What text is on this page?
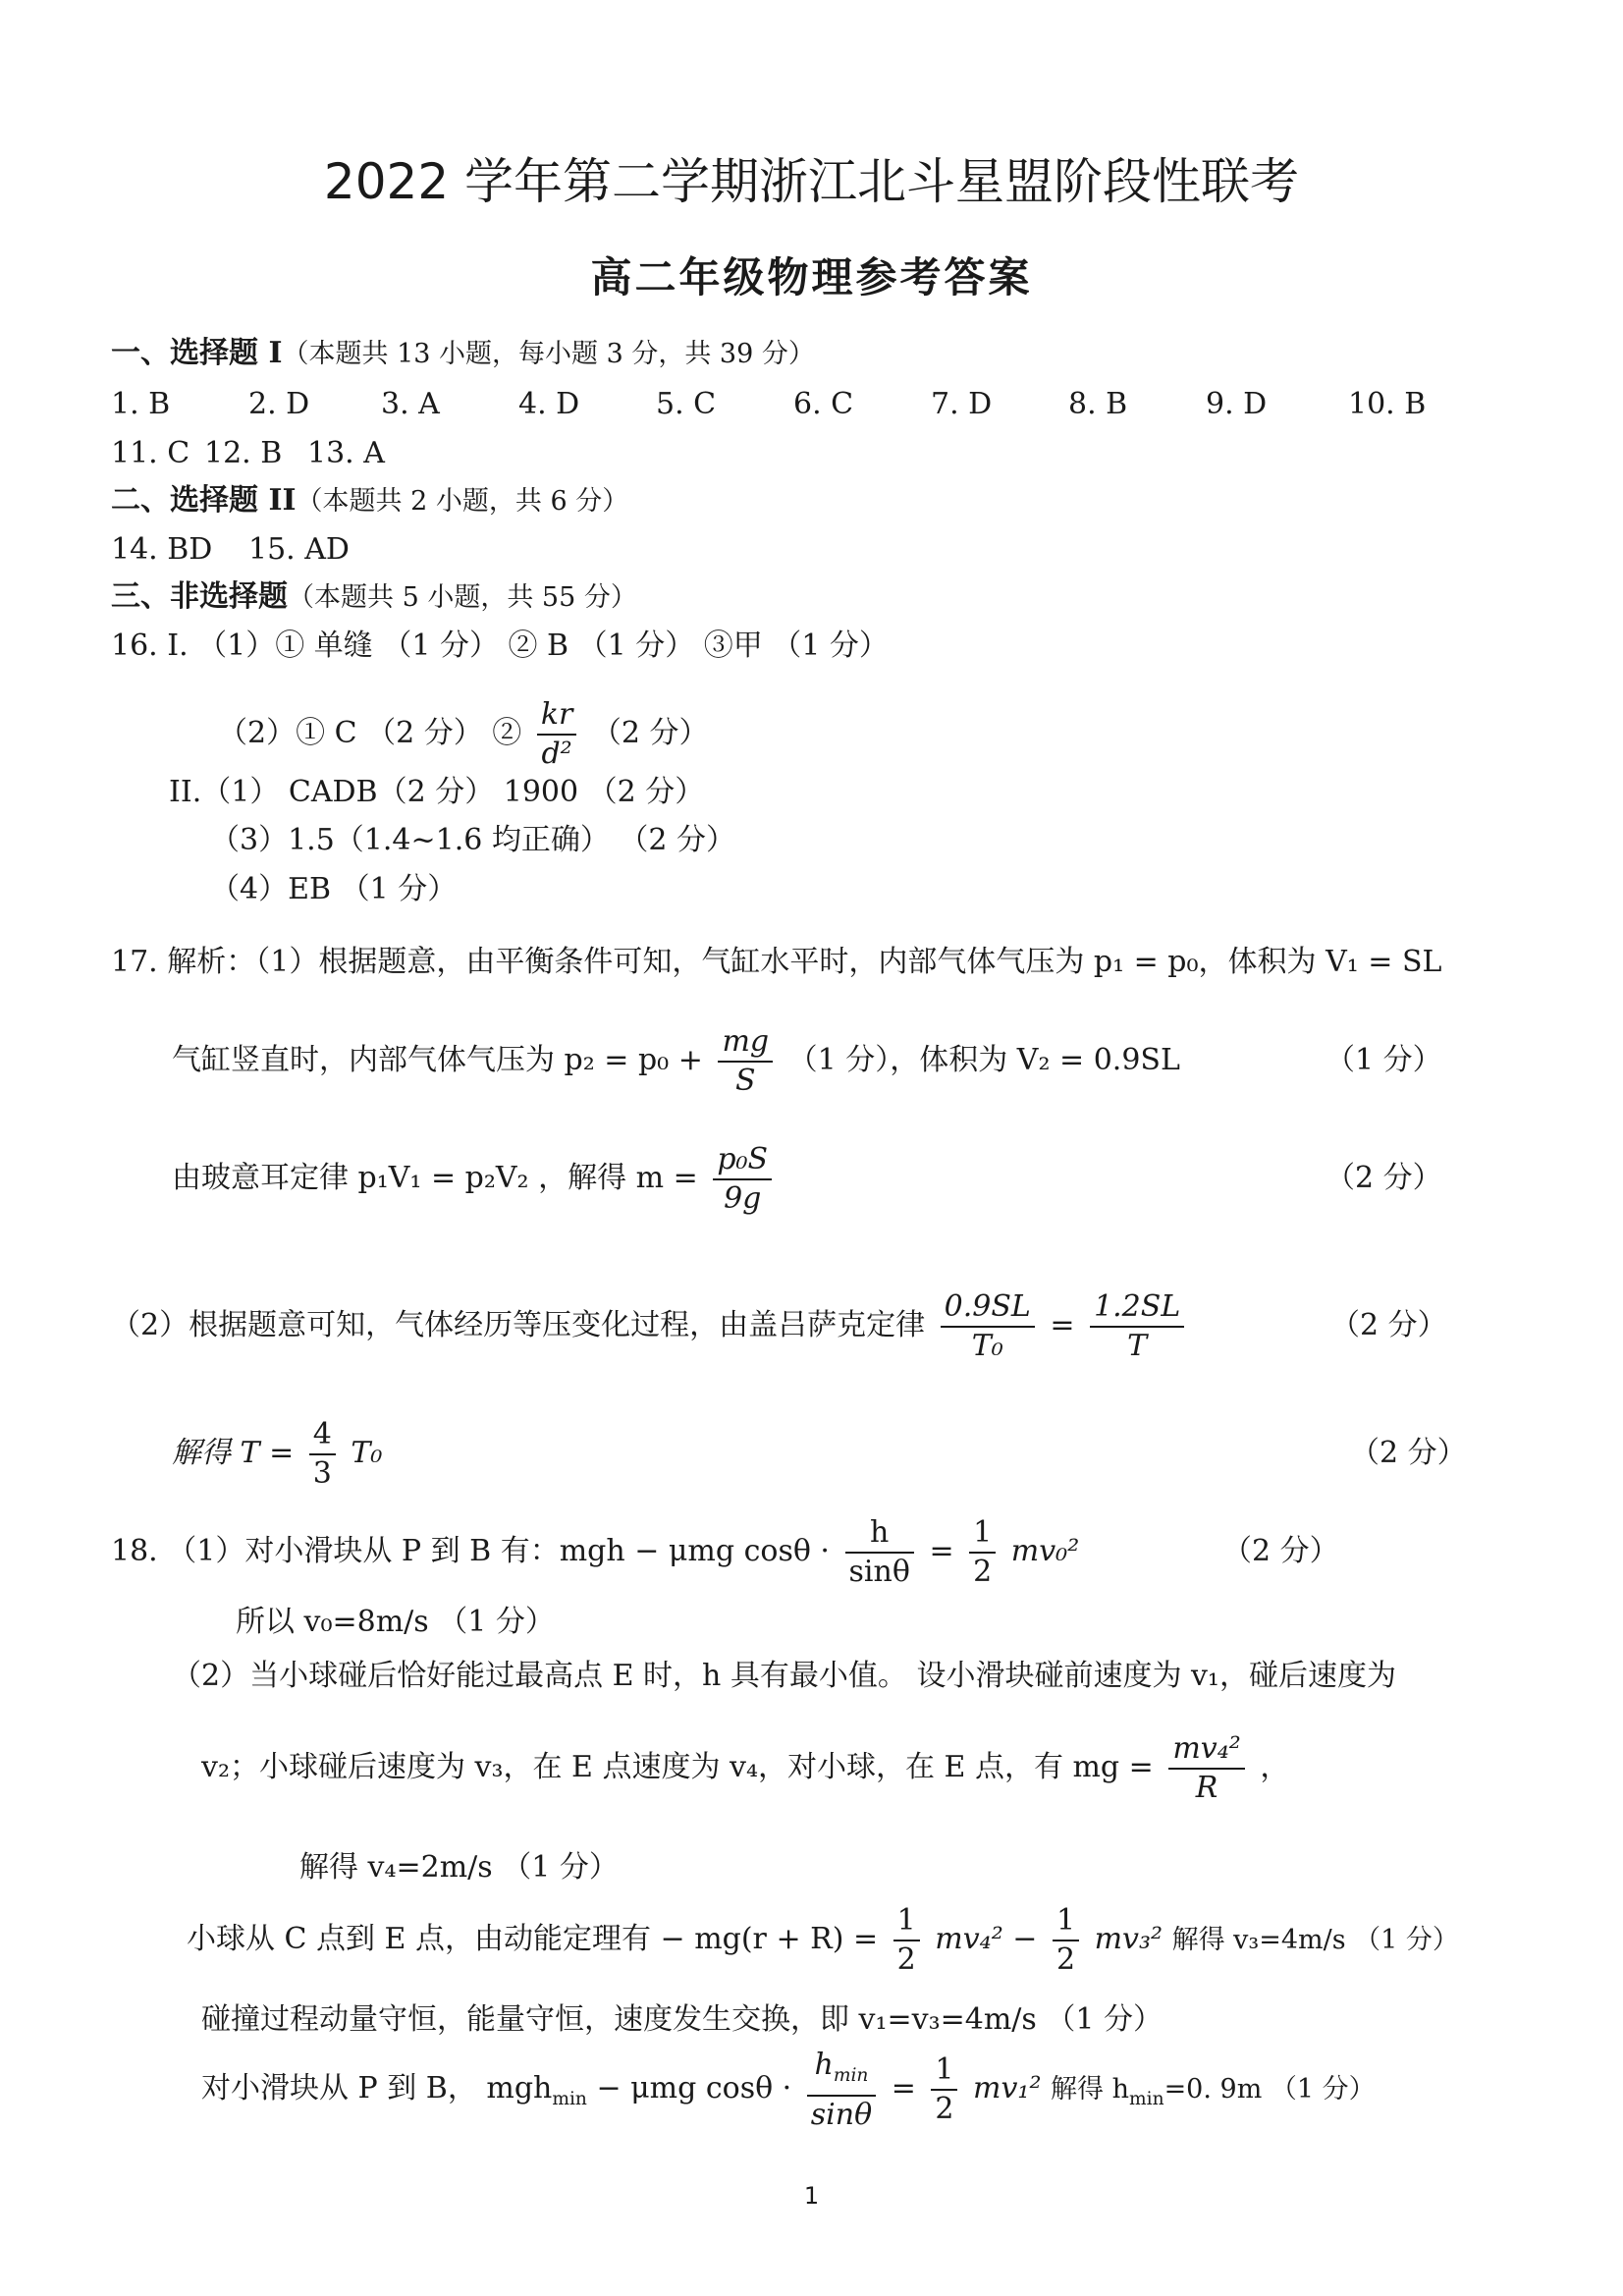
2022 学年第二学期浙江北斗星盟阶段性联考
高二年级物理参考答案
一、选择题 I（本题共 13 小题，每小题 3 分，共 39 分）
1. B	2. D 3. A	4. D	5. C	6. C	7. D	8. B	9. D	10. B
11. C 12. B 13. A
二、选择题 II（本题共 2 小题，共 6 分）
14. BD 15. AD
三、非选择题（本题共 5 小题，共 55 分）
16. I. （1）① 单缝 （1 分） ② B （1 分） ③甲 （1 分）
（2）① C （2 分） ② $\frac{kr}{\text{d²}} (2$ 分）
II.（1） CADB（2 分） 1900 （2 分）
（3）1.5（1.4~1.6 均正确） （2 分）
（4）EB （1 分）
17. 解析：（1）根据题意，由平衡条件可知，气缸水平时，内部气体气压为 p₁ = p₀，体积为 V₁ = SL
气缸竖直时，内部气体气压为 $p_2 = p_0 + \frac{mg}{S} (1$ 分），体积为 V₂ = 0.9SL	（1 分）
由玻意耳定律 p₁V₁ = p₂V₂ ，解得 $m = \frac{\text{p₀S}}{9g}$	（2 分）
（2）根据题意可知，气体经历等压变化过程，由盖吕萨克定律 $\frac{0.9SL}{\text{T₀}} = \frac{1.2SL}{T}$	（2 分）
解得 $T = \frac{4}{3} T_0$	（2 分）
18. （1）对小滑块从 P 到 B 有：mgh − μmg $\cos\theta \cdot \frac{h}{\sin\theta} = \frac{1}{2} mv_0^2$	（2 分）
所以 v₀=8m/s （1 分）
（2）当小球碰后恰好能过最高点 E 时，h 具有最小值。 设小滑块碰前速度为 v₁，碰后速度为
v₂；小球碰后速度为 v₃，在 E 点速度为 v₄，对小球，在 E 点，有 mg = $\frac{\text{mv₄²}}{R}$ ，
解得 v₄=2m/s （1 分）
小球从 C 点到 E 点，由动能定理有 − $mg(r + R) = \frac{1}{2} mv_4^2 - \frac{1}{2} mv_3^2$ 解得 v₃=4m/s （1 分）
碰撞过程动量守恒，能量守恒，速度发生交换，即 v₁=v₃=4m/s （1 分）
对小滑块从 P 到 B， mgh$_{min}$ − μmg $\cos\theta \cdot \frac{h_{min}}{\sin\theta} = \frac{1}{2} mv_1^2$ 解得 $h_{min}=0$. 9m （1 分）
1
